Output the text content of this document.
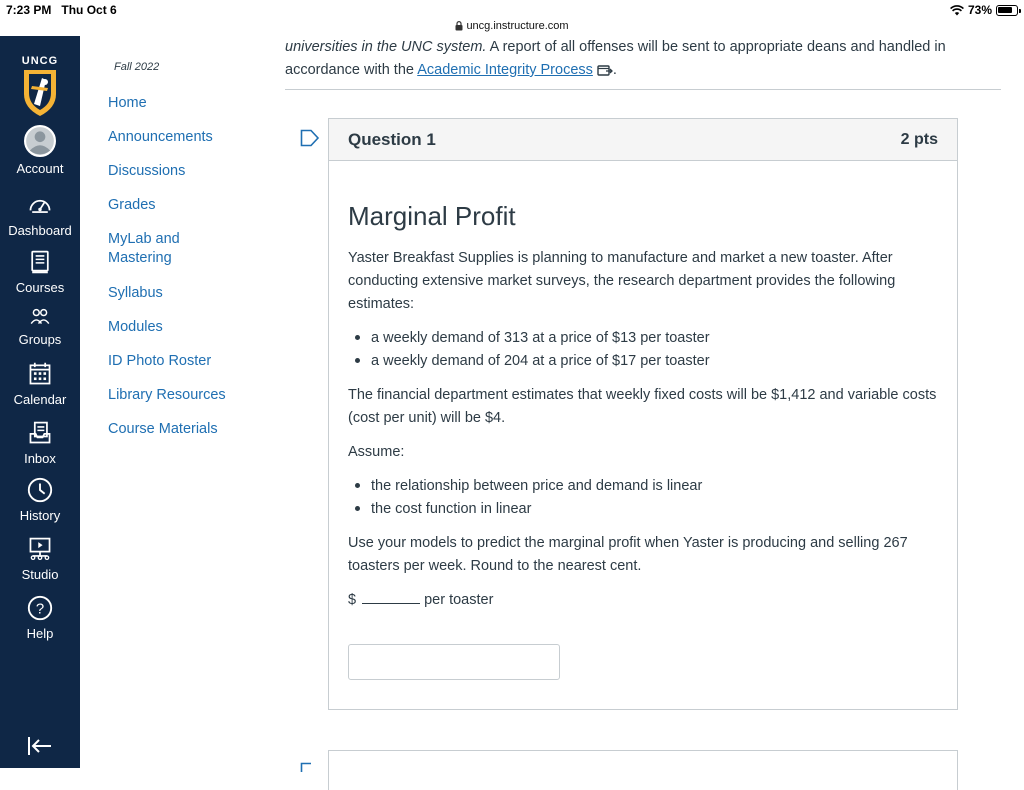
7:23 PM Thu Oct 6	73%
uncg.instructure.com
UNCG
Account
Dashboard
Courses
Groups
Calendar
Inbox
History
Studio
?
Help
Fall 2022
Home
Announcements
Discussions
Grades
MyLab and Mastering
Syllabus
Modules
ID Photo Roster
Library Resources
Course Materials
universities in the UNC system. A report of all offenses will be sent to appropriate deans and handled in accordance with the Academic Integrity Process .
Question 1	2 pts
Marginal Profit
Yaster Breakfast Supplies is planning to manufacture and market a new toaster. After conducting extensive market surveys, the research department provides the following estimates:
a weekly demand of 313 at a price of $13 per toaster
a weekly demand of 204 at a price of $17 per toaster
The financial department estimates that weekly fixed costs will be $1,412 and variable costs (cost per unit) will be $4.
Assume:
the relationship between price and demand is linear
the cost function in linear
Use your models to predict the marginal profit when Yaster is producing and selling 267 toasters per week. Round to the nearest cent.
$	per toaster
